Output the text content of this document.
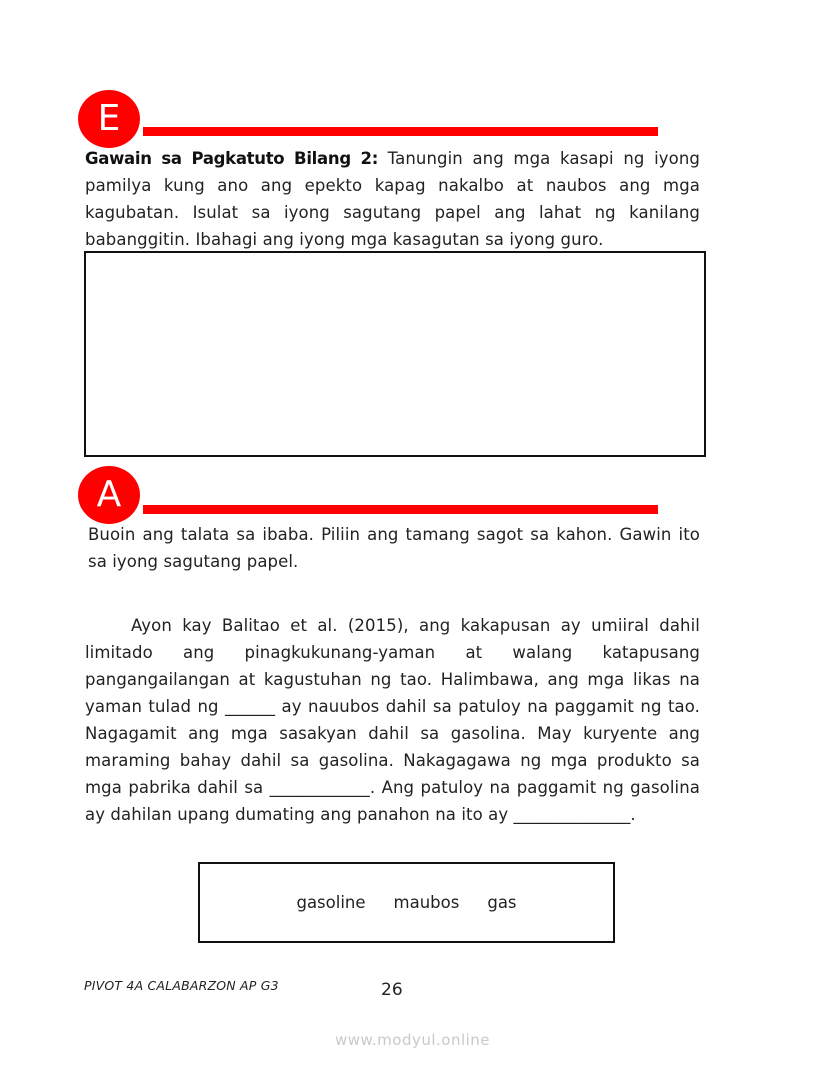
E
Gawain sa Pagkatuto Bilang 2: Tanungin ang mga kasapi ng iyong pamilya kung ano ang epekto kapag nakalbo at naubos ang mga kagubatan. Isulat sa iyong sagutang papel ang lahat ng kanilang babanggitin. Ibahagi ang iyong mga kasagutan sa iyong guro.
A
Buoin ang talata sa ibaba. Piliin ang tamang sagot sa kahon. Gawin ito sa iyong sagutang papel.
Ayon kay Balitao et al. (2015), ang kakapusan ay umiiral dahil limitado ang pinagkukunang-yaman at walang katapusang pangangailangan at kagustuhan ng tao. Halimbawa, ang mga likas na yaman tulad ng ______ ay nauubos dahil sa patuloy na paggamit ng tao. Nagagamit ang mga sasakyan dahil sa gasolina. May kuryente ang maraming bahay dahil sa gasolina. Nakagagawa ng mga produkto sa mga pabrika dahil sa ____________. Ang patuloy na paggamit ng gasolina ay dahilan upang dumating ang panahon na ito ay ______________.
gasoline maubos gas
PIVOT 4A CALABARZON AP G3	26
www.modyul.online
